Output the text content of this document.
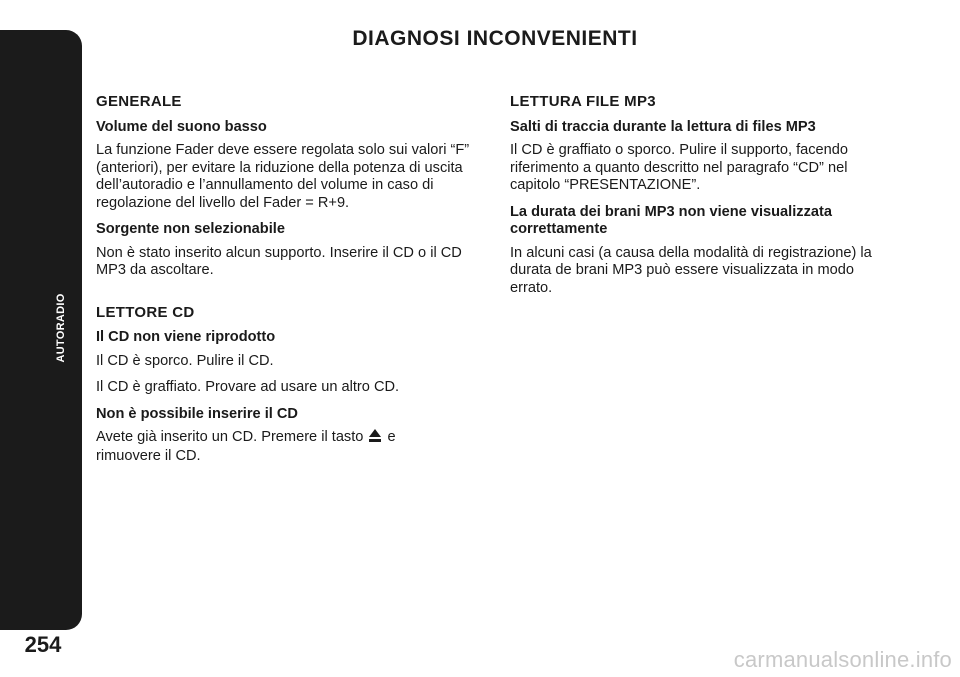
AUTORADIO
254
DIAGNOSI INCONVENIENTI
GENERALE
Volume del suono basso
La funzione Fader deve essere regolata solo sui valori “F” (anteriori), per evitare la riduzione della potenza di uscita dell’autoradio e l’annullamento del volume in caso di regolazione del livello del Fader = R+9.
Sorgente non selezionabile
Non è stato inserito alcun supporto. Inserire il CD o il CD MP3 da ascoltare.
LETTORE CD
Il CD non viene riprodotto
Il CD è sporco. Pulire il CD.
Il CD è graffiato. Provare ad usare un altro CD.
Non è possibile inserire il CD
Avete già inserito un CD. Premere il tasto e rimuovere il CD.
LETTURA FILE MP3
Salti di traccia durante la lettura di files MP3
Il CD è graffiato o sporco. Pulire il supporto, facendo riferimento a quanto descritto nel paragrafo “CD” nel capitolo “PRESENTAZIONE”.
La durata dei brani MP3 non viene visualizzata correttamente
In alcuni casi (a causa della modalità di registrazione) la durata de brani MP3 può essere visualizzata in modo errato.
carmanualsonline.info
